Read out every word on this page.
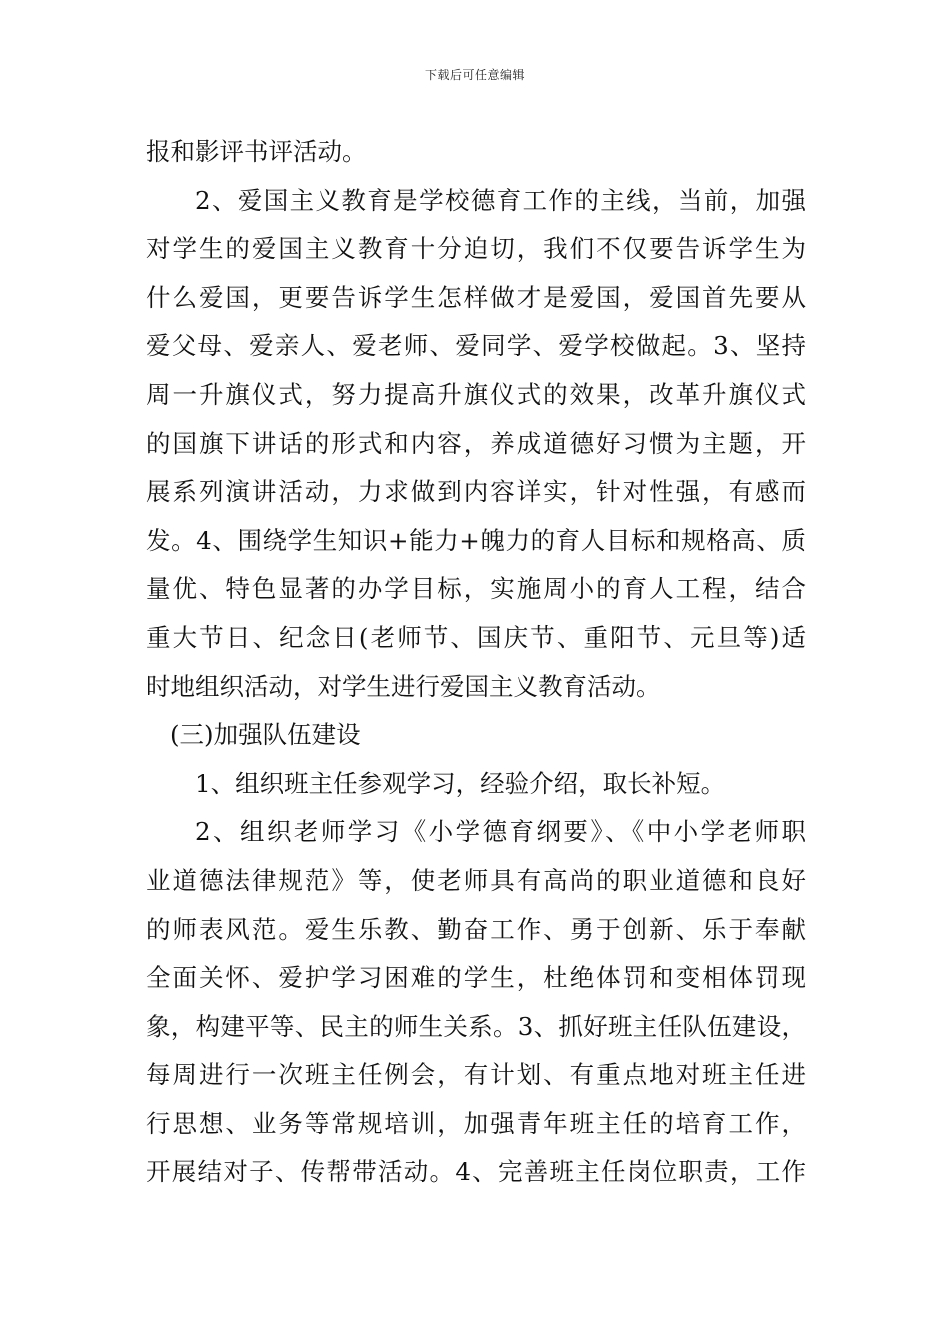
下载后可任意编辑
报和影评书评活动。
2、爱国主义教育是学校德育工作的主线，当前，加强
对学生的爱国主义教育十分迫切，我们不仅要告诉学生为
什么爱国，更要告诉学生怎样做才是爱国，爱国首先要从
爱父母、爱亲人、爱老师、爱同学、爱学校做起。3、坚持
周一升旗仪式，努力提高升旗仪式的效果，改革升旗仪式
的国旗下讲话的形式和内容，养成道德好习惯为主题，开
展系列演讲活动，力求做到内容详实，针对性强，有感而
发。4、围绕学生知识+能力+魄力的育人目标和规格高、质
量优、特色显著的办学目标，实施周小的育人工程，结合
重大节日、纪念日(老师节、国庆节、重阳节、元旦等)适
时地组织活动，对学生进行爱国主义教育活动。
(三)加强队伍建设
1、组织班主任参观学习，经验介绍，取长补短。
2、组织老师学习《小学德育纲要》、《中小学老师职
业道德法律规范》等，使老师具有高尚的职业道德和良好
的师表风范。爱生乐教、勤奋工作、勇于创新、乐于奉献
全面关怀、爱护学习困难的学生，杜绝体罚和变相体罚现
象，构建平等、民主的师生关系。3、抓好班主任队伍建设，
每周进行一次班主任例会，有计划、有重点地对班主任进
行思想、业务等常规培训，加强青年班主任的培育工作，
开展结对子、传帮带活动。4、完善班主任岗位职责，工作
